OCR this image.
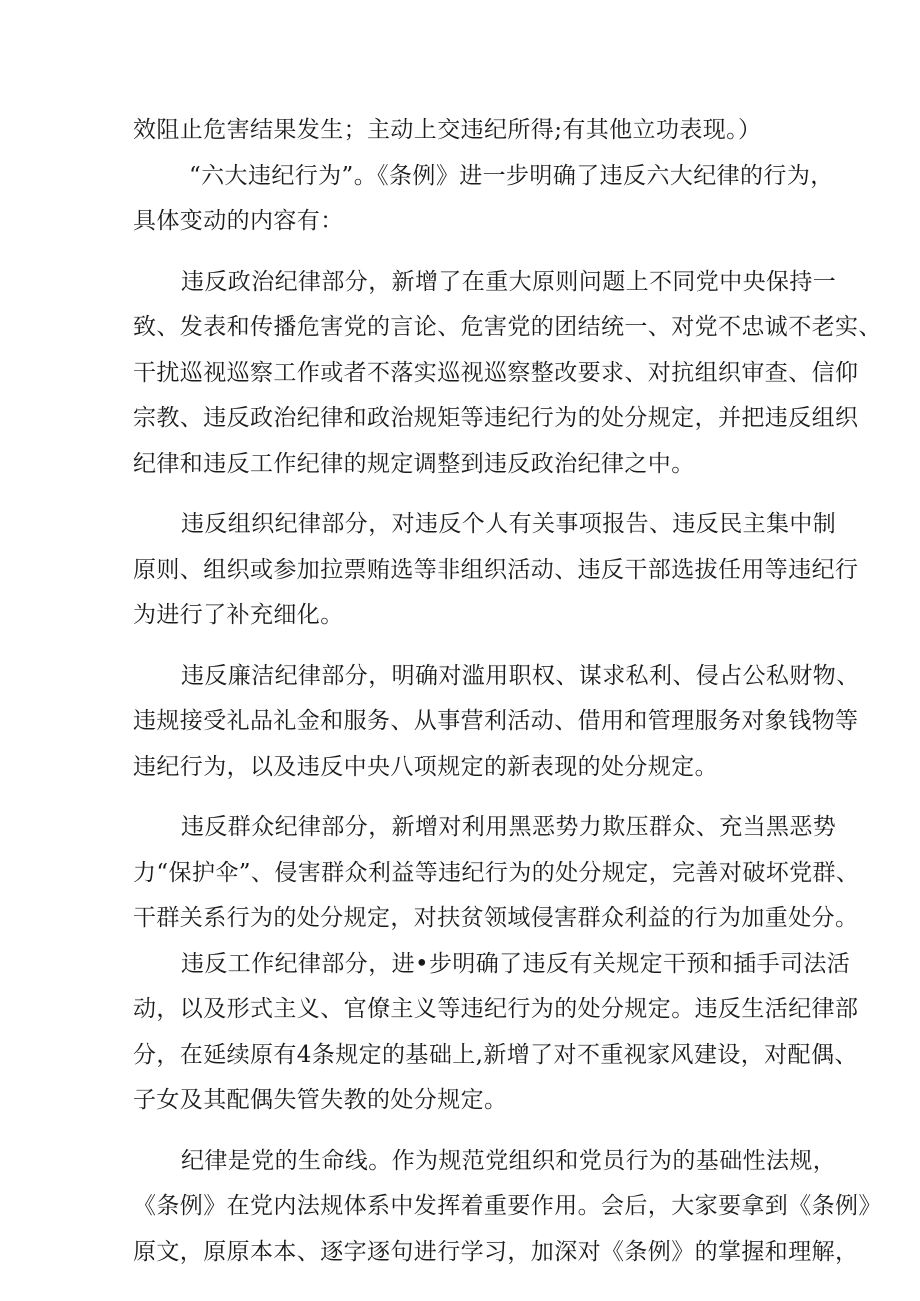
效阻止危害结果发生；主动上交违纪所得;有其他立功表现。）
“六大违纪行为”。《条例》进一步明确了违反六大纪律的行为，
具体变动的内容有：
违反政治纪律部分，新增了在重大原则问题上不同党中央保持一
致、发表和传播危害党的言论、危害党的团结统一、对党不忠诚不老实、
干扰巡视巡察工作或者不落实巡视巡察整改要求、对抗组织审查、信仰
宗教、违反政治纪律和政治规矩等违纪行为的处分规定，并把违反组织
纪律和违反工作纪律的规定调整到违反政治纪律之中。
违反组织纪律部分，对违反个人有关事项报告、违反民主集中制
原则、组织或参加拉票贿选等非组织活动、违反干部选拔任用等违纪行
为进行了补充细化。
违反廉洁纪律部分，明确对滥用职权、谋求私利、侵占公私财物、
违规接受礼品礼金和服务、从事营利活动、借用和管理服务对象钱物等
违纪行为，以及违反中央八项规定的新表现的处分规定。
违反群众纪律部分，新增对利用黑恶势力欺压群众、充当黑恶势
力“保护伞”、侵害群众利益等违纪行为的处分规定，完善对破坏党群、
干群关系行为的处分规定，对扶贫领域侵害群众利益的行为加重处分。
违反工作纪律部分，进•步明确了违反有关规定干预和插手司法活
动，以及形式主义、官僚主义等违纪行为的处分规定。违反生活纪律部
分，在延续原有4条规定的基础上,新增了对不重视家风建设，对配偶、
子女及其配偶失管失教的处分规定。
纪律是党的生命线。作为规范党组织和党员行为的基础性法规，
《条例》在党内法规体系中发挥着重要作用。会后，大家要拿到《条例》
原文，原原本本、逐字逐句进行学习，加深对《条例》的掌握和理解，
